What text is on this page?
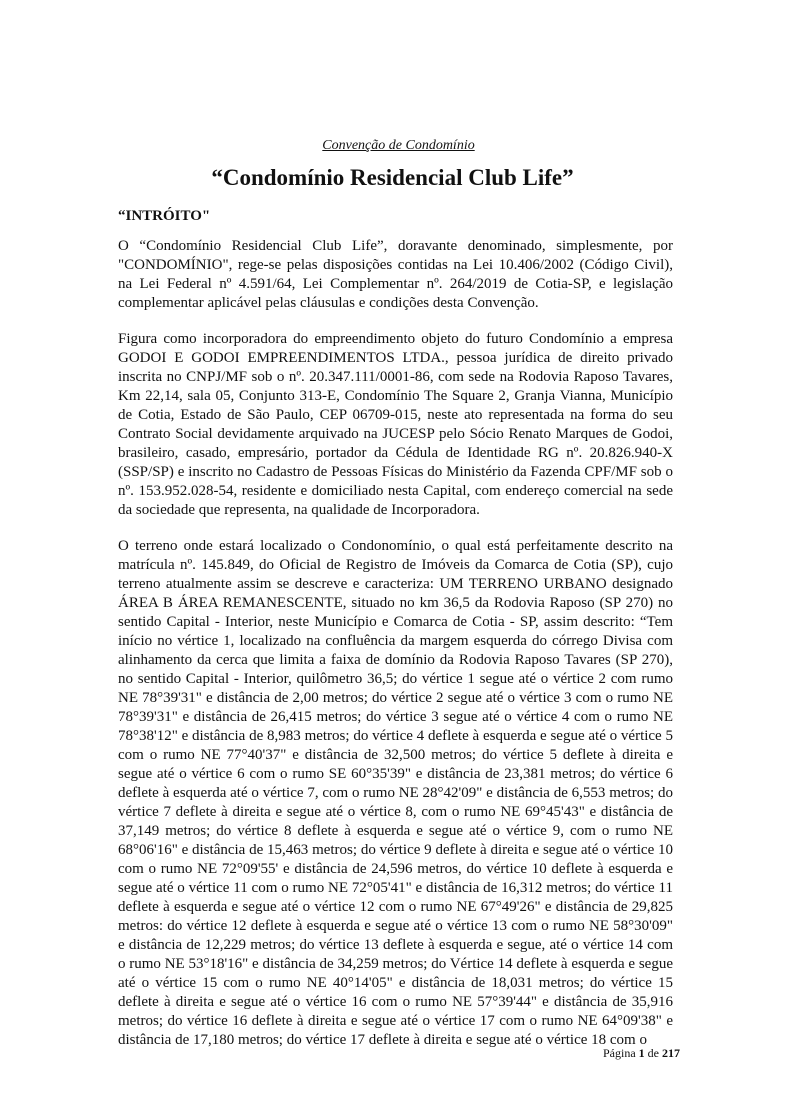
Convenção de Condomínio
“Condomínio Residencial Club Life”
“INTRÓITO"

O “Condomínio Residencial Club Life”, doravante denominado, simplesmente, por "CONDOMÍNIO", rege-se pelas disposições contidas na Lei 10.406/2002 (Código Civil), na Lei Federal nº 4.591/64, Lei Complementar nº. 264/2019 de Cotia-SP, e legislação complementar aplicável pelas cláusulas e condições desta Convenção.

Figura como incorporadora do empreendimento objeto do futuro Condomínio a empresa GODOI E GODOI EMPREENDIMENTOS LTDA., pessoa jurídica de direito privado inscrita no CNPJ/MF sob o nº. 20.347.111/0001-86, com sede na Rodovia Raposo Tavares, Km 22,14, sala 05, Conjunto 313-E, Condomínio The Square 2, Granja Vianna, Município de Cotia, Estado de São Paulo, CEP 06709-015, neste ato representada na forma do seu Contrato Social devidamente arquivado na JUCESP pelo Sócio Renato Marques de Godoi, brasileiro, casado, empresário, portador da Cédula de Identidade RG nº. 20.826.940-X (SSP/SP) e inscrito no Cadastro de Pessoas Físicas do Ministério da Fazenda CPF/MF sob o nº. 153.952.028-54, residente e domiciliado nesta Capital, com endereço comercial na sede da sociedade que representa, na qualidade de Incorporadora.

O terreno onde estará localizado o Condonomínio, o qual está perfeitamente descrito na matrícula nº. 145.849, do Oficial de Registro de Imóveis da Comarca de Cotia (SP), cujo terreno atualmente assim se descreve e caracteriza: UM TERRENO URBANO designado ÁREA B ÁREA REMANESCENTE, situado no km 36,5 da Rodovia Raposo (SP 270) no sentido Capital - Interior, neste Município e Comarca de Cotia - SP, assim descrito: “Tem início no vértice 1, localizado na confluência da margem esquerda do córrego Divisa com alinhamento da cerca que limita a faixa de domínio da Rodovia Raposo Tavares (SP 270), no sentido Capital - Interior, quilômetro 36,5; do vértice 1 segue até o vértice 2 com rumo NE 78°39'31" e distância de 2,00 metros; do vértice 2 segue até o vértice 3 com o rumo NE 78°39'31" e distância de 26,415 metros; do vértice 3 segue até o vértice 4 com o rumo NE 78°38'12" e distância de 8,983 metros; do vértice 4 deflete à esquerda e segue até o vértice 5 com o rumo NE 77°40'37" e distância de 32,500 metros; do vértice 5 deflete à direita e segue até o vértice 6 com o rumo SE 60°35'39" e distância de 23,381 metros; do vértice 6 deflete à esquerda até o vértice 7, com o rumo NE 28°42'09" e distância de 6,553 metros; do vértice 7 deflete à direita e segue até o vértice 8, com o rumo NE 69°45'43" e distância de 37,149 metros; do vértice 8 deflete à esquerda e segue até o vértice 9, com o rumo NE 68°06'16" e distância de 15,463 metros; do vértice 9 deflete à direita e segue até o vértice 10 com o rumo NE 72°09'55' e distância de 24,596 metros, do vértice 10 deflete à esquerda e segue até o vértice 11 com o rumo NE 72°05'41" e distância de 16,312 metros; do vértice 11 deflete à esquerda e segue até o vértice 12 com o rumo NE 67°49'26" e distância de 29,825 metros: do vértice 12 deflete à esquerda e segue até o vértice 13 com o rumo NE 58°30'09" e distância de 12,229 metros; do vértice 13 deflete à esquerda e segue, até o vértice 14 com o rumo NE 53°18'16" e distância de 34,259 metros; do Vértice 14 deflete à esquerda e segue até o vértice 15 com o rumo NE 40°14'05" e distância de 18,031 metros; do vértice 15 deflete à direita e segue até o vértice 16 com o rumo NE 57°39'44" e distância de 35,916 metros; do vértice 16 deflete à direita e segue até o vértice 17 com o rumo NE 64°09'38" e distância de 17,180 metros; do vértice 17 deflete à direita e segue até o vértice 18 com o

Página 1 de 217
